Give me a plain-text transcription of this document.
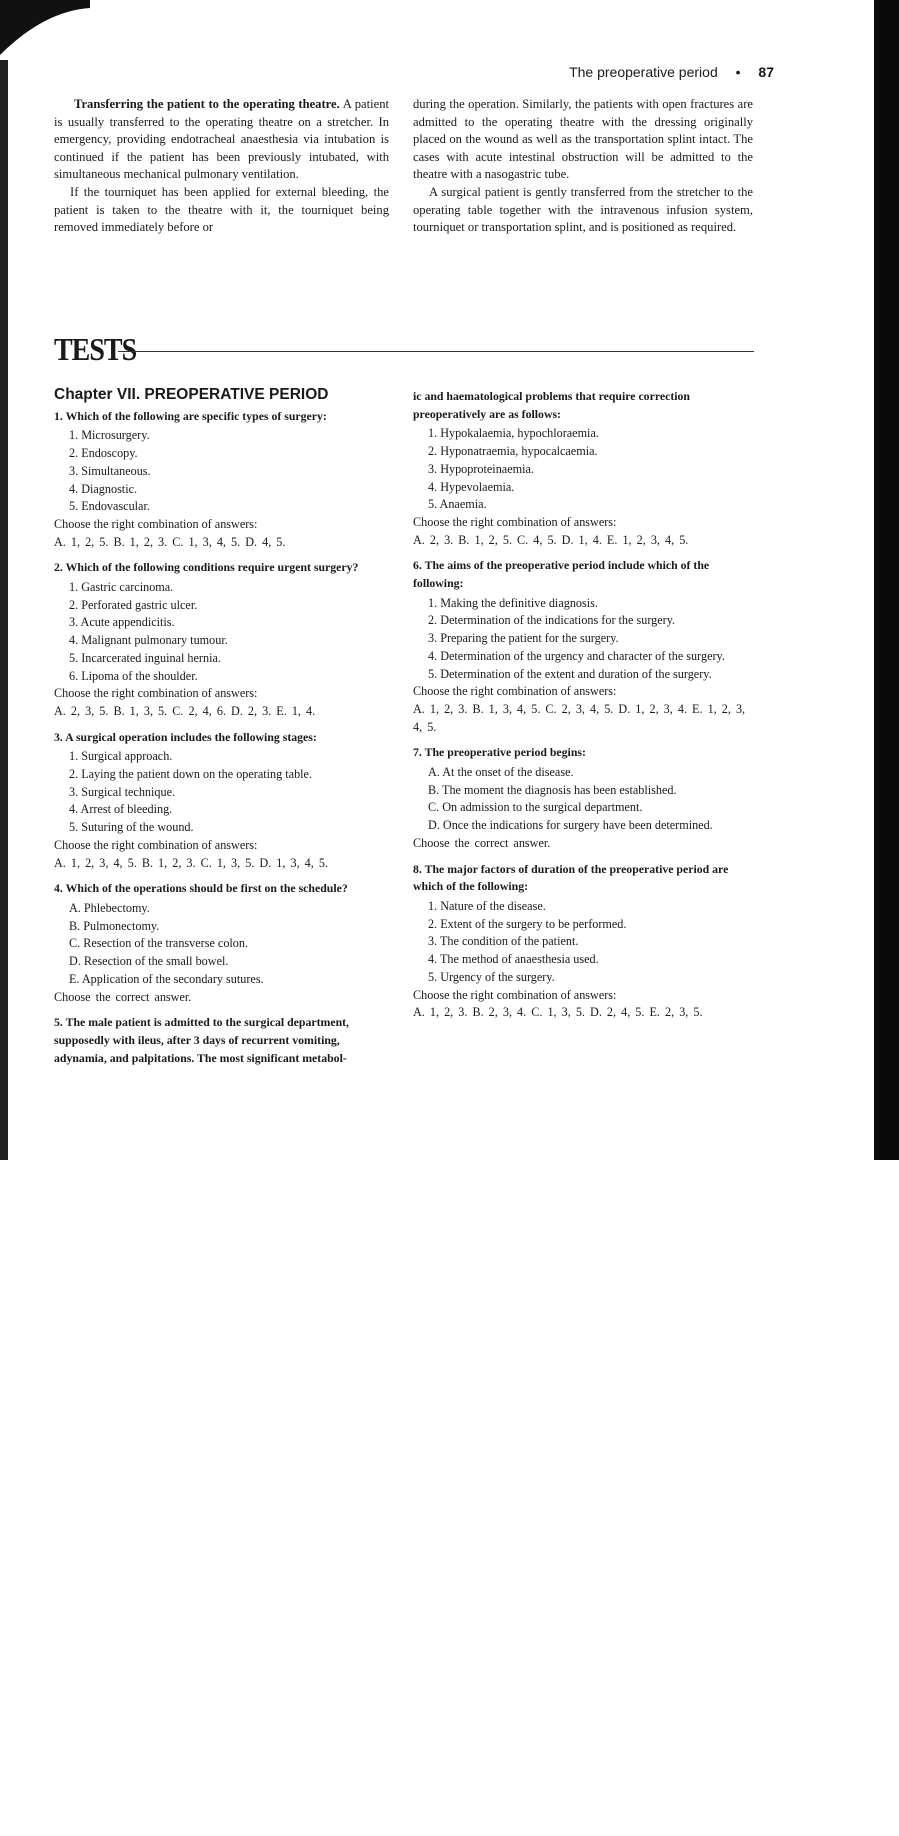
The preoperative period • 87

Transferring the patient to the operating theatre. A patient is usually transferred to the operating theatre on a stretcher. In emergency, providing endotracheal anaesthesia via intubation is continued if the patient has been previously intubated, with simultaneous mechanical pulmonary ventilation.

If the tourniquet has been applied for external bleeding, the patient is taken to the theatre with it, the tourniquet being removed immediately before or

during the operation. Similarly, the patients with open fractures are admitted to the operating theatre with the dressing originally placed on the wound as well as the transportation splint intact. The cases with acute intestinal obstruction will be admitted to the theatre with a nasogastric tube.

A surgical patient is gently transferred from the stretcher to the operating table together with the intravenous infusion system, tourniquet or transportation splint, and is positioned as required.

TESTS
Chapter VII. PREOPERATIVE PERIOD

1. Which of the following are specific types of surgery:

1. Microsurgery.
2. Endoscopy.
3. Simultaneous.
4. Diagnostic.
5. Endovascular.

Choose the right combination of answers:

A. 1, 2, 5. B. 1, 2, 3. C. 1, 3, 4, 5. D. 4, 5.

2. Which of the following conditions require urgent surgery?

1. Gastric carcinoma.
2. Perforated gastric ulcer.
3. Acute appendicitis.
4. Malignant pulmonary tumour.
5. Incarcerated inguinal hernia.
6. Lipoma of the shoulder.

Choose the right combination of answers:

A. 2, 3, 5. B. 1, 3, 5. C. 2, 4, 6. D. 2, 3. E. 1, 4.

3. A surgical operation includes the following stages:

1. Surgical approach.
2. Laying the patient down on the operating table.
3. Surgical technique.
4. Arrest of bleeding.
5. Suturing of the wound.

Choose the right combination of answers:

A. 1, 2, 3, 4, 5. B. 1, 2, 3. C. 1, 3, 5. D. 1, 3, 4, 5.

4. Which of the operations should be first on the schedule?

A. Phlebectomy.
B. Pulmonectomy.
C. Resection of the transverse colon.
D. Resection of the small bowel.
E. Application of the secondary sutures.

Choose the correct answer.

5. The male patient is admitted to the surgical department, supposedly with ileus, after 3 days of recurrent vomiting, adynamia, and palpitations. The most significant metabol-

ic and haematological problems that require correction preoperatively are as follows:

1. Hypokalaemia, hypochloraemia.
2. Hyponatraemia, hypocalcaemia.
3. Hypoproteinaemia.
4. Hypevolaemia.
5. Anaemia.

Choose the right combination of answers:

A. 2, 3. B. 1, 2, 5. C. 4, 5. D. 1, 4. E. 1, 2, 3, 4, 5.

6. The aims of the preoperative period include which of the following:

1. Making the definitive diagnosis.
2. Determination of the indications for the surgery.
3. Preparing the patient for the surgery.
4. Determination of the urgency and character of the surgery.
5. Determination of the extent and duration of the surgery.

Choose the right combination of answers:

A. 1, 2, 3. B. 1, 3, 4, 5. C. 2, 3, 4, 5. D. 1, 2, 3, 4. E. 1, 2, 3, 4, 5.

7. The preoperative period begins:

A. At the onset of the disease.
B. The moment the diagnosis has been established.
C. On admission to the surgical department.
D. Once the indications for surgery have been determined.

Choose the correct answer.

8. The major factors of duration of the preoperative period are which of the following:

1. Nature of the disease.
2. Extent of the surgery to be performed.
3. The condition of the patient.
4. The method of anaesthesia used.
5. Urgency of the surgery.

Choose the right combination of answers:

A. 1, 2, 3. B. 2, 3, 4. C. 1, 3, 5. D. 2, 4, 5. E. 2, 3, 5.
